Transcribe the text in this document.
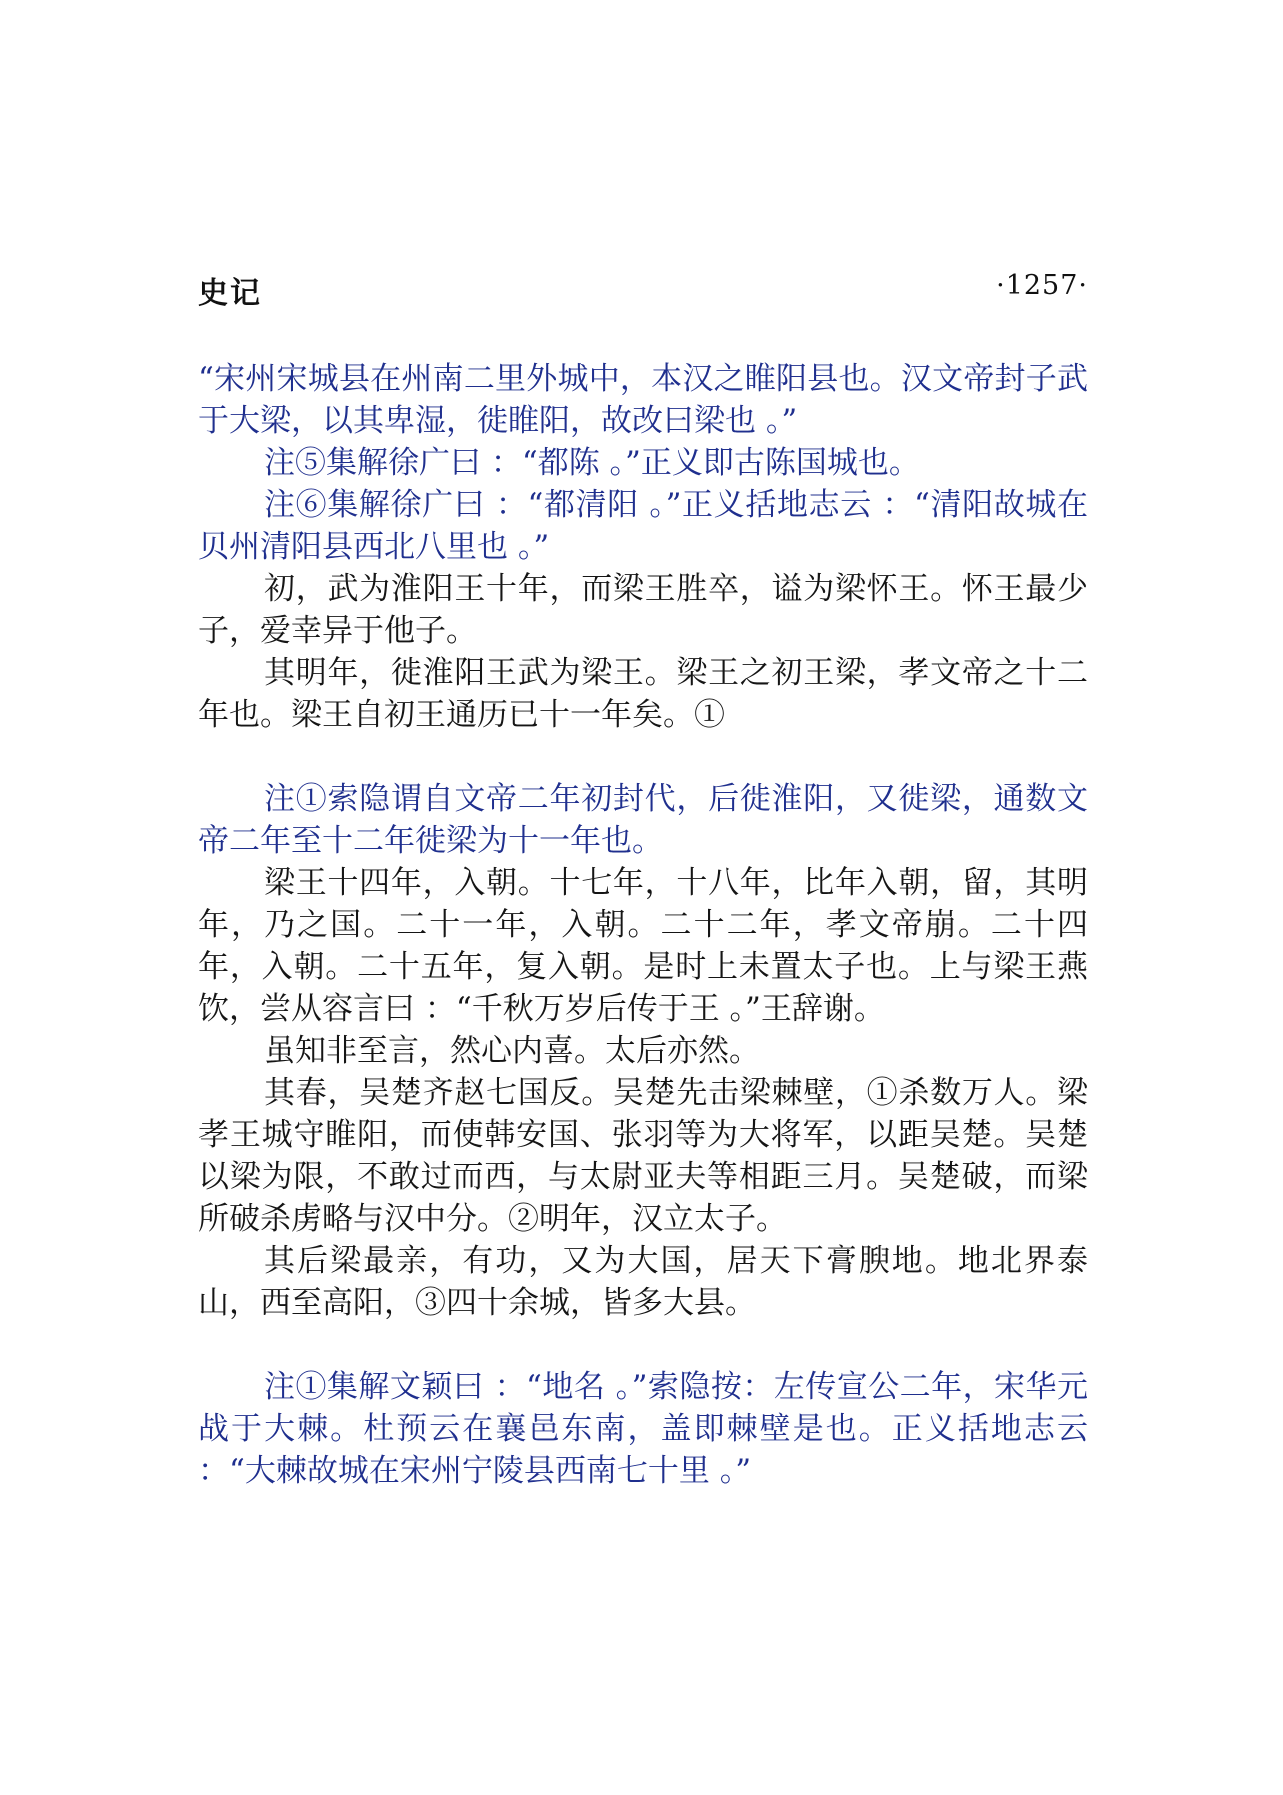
史记	·1257·

“宋州宋城县在州南二里外城中，本汉之睢阳县也。汉文帝封子武于大梁，以其卑湿，徙睢阳，故改曰梁也 。”

注⑤集解徐广曰 ：“都陈 。”正义即古陈国城也。

注⑥集解徐广曰 ：“都清阳 。”正义括地志云 ：“清阳故城在贝州清阳县西北八里也 。”

初，武为淮阳王十年，而梁王胜卒，谥为梁怀王。怀王最少子，爱幸异于他子。

其明年，徙淮阳王武为梁王。梁王之初王梁，孝文帝之十二年也。梁王自初王通历已十一年矣。①

注①索隐谓自文帝二年初封代，后徙淮阳，又徙梁，通数文帝二年至十二年徙梁为十一年也。

梁王十四年，入朝。十七年，十八年，比年入朝，留，其明年，乃之国。二十一年，入朝。二十二年，孝文帝崩。二十四年，入朝。二十五年，复入朝。是时上未置太子也。上与梁王燕饮，尝从容言曰 ：“千秋万岁后传于王 。”王辞谢。

虽知非至言，然心内喜。太后亦然。

其春，吴楚齐赵七国反。吴楚先击梁棘壁，①杀数万人。梁孝王城守睢阳，而使韩安国、张羽等为大将军，以距吴楚。吴楚以梁为限，不敢过而西，与太尉亚夫等相距三月。吴楚破，而梁所破杀虏略与汉中分。②明年，汉立太子。

其后梁最亲，有功，又为大国，居天下膏腴地。地北界泰山，西至高阳，③四十余城，皆多大县。

注①集解文颖曰 ：“地名 。”索隐按：左传宣公二年，宋华元战于大棘。杜预云在襄邑东南，盖即棘壁是也。正义括地志云 ：“大棘故城在宋州宁陵县西南七十里 。”
